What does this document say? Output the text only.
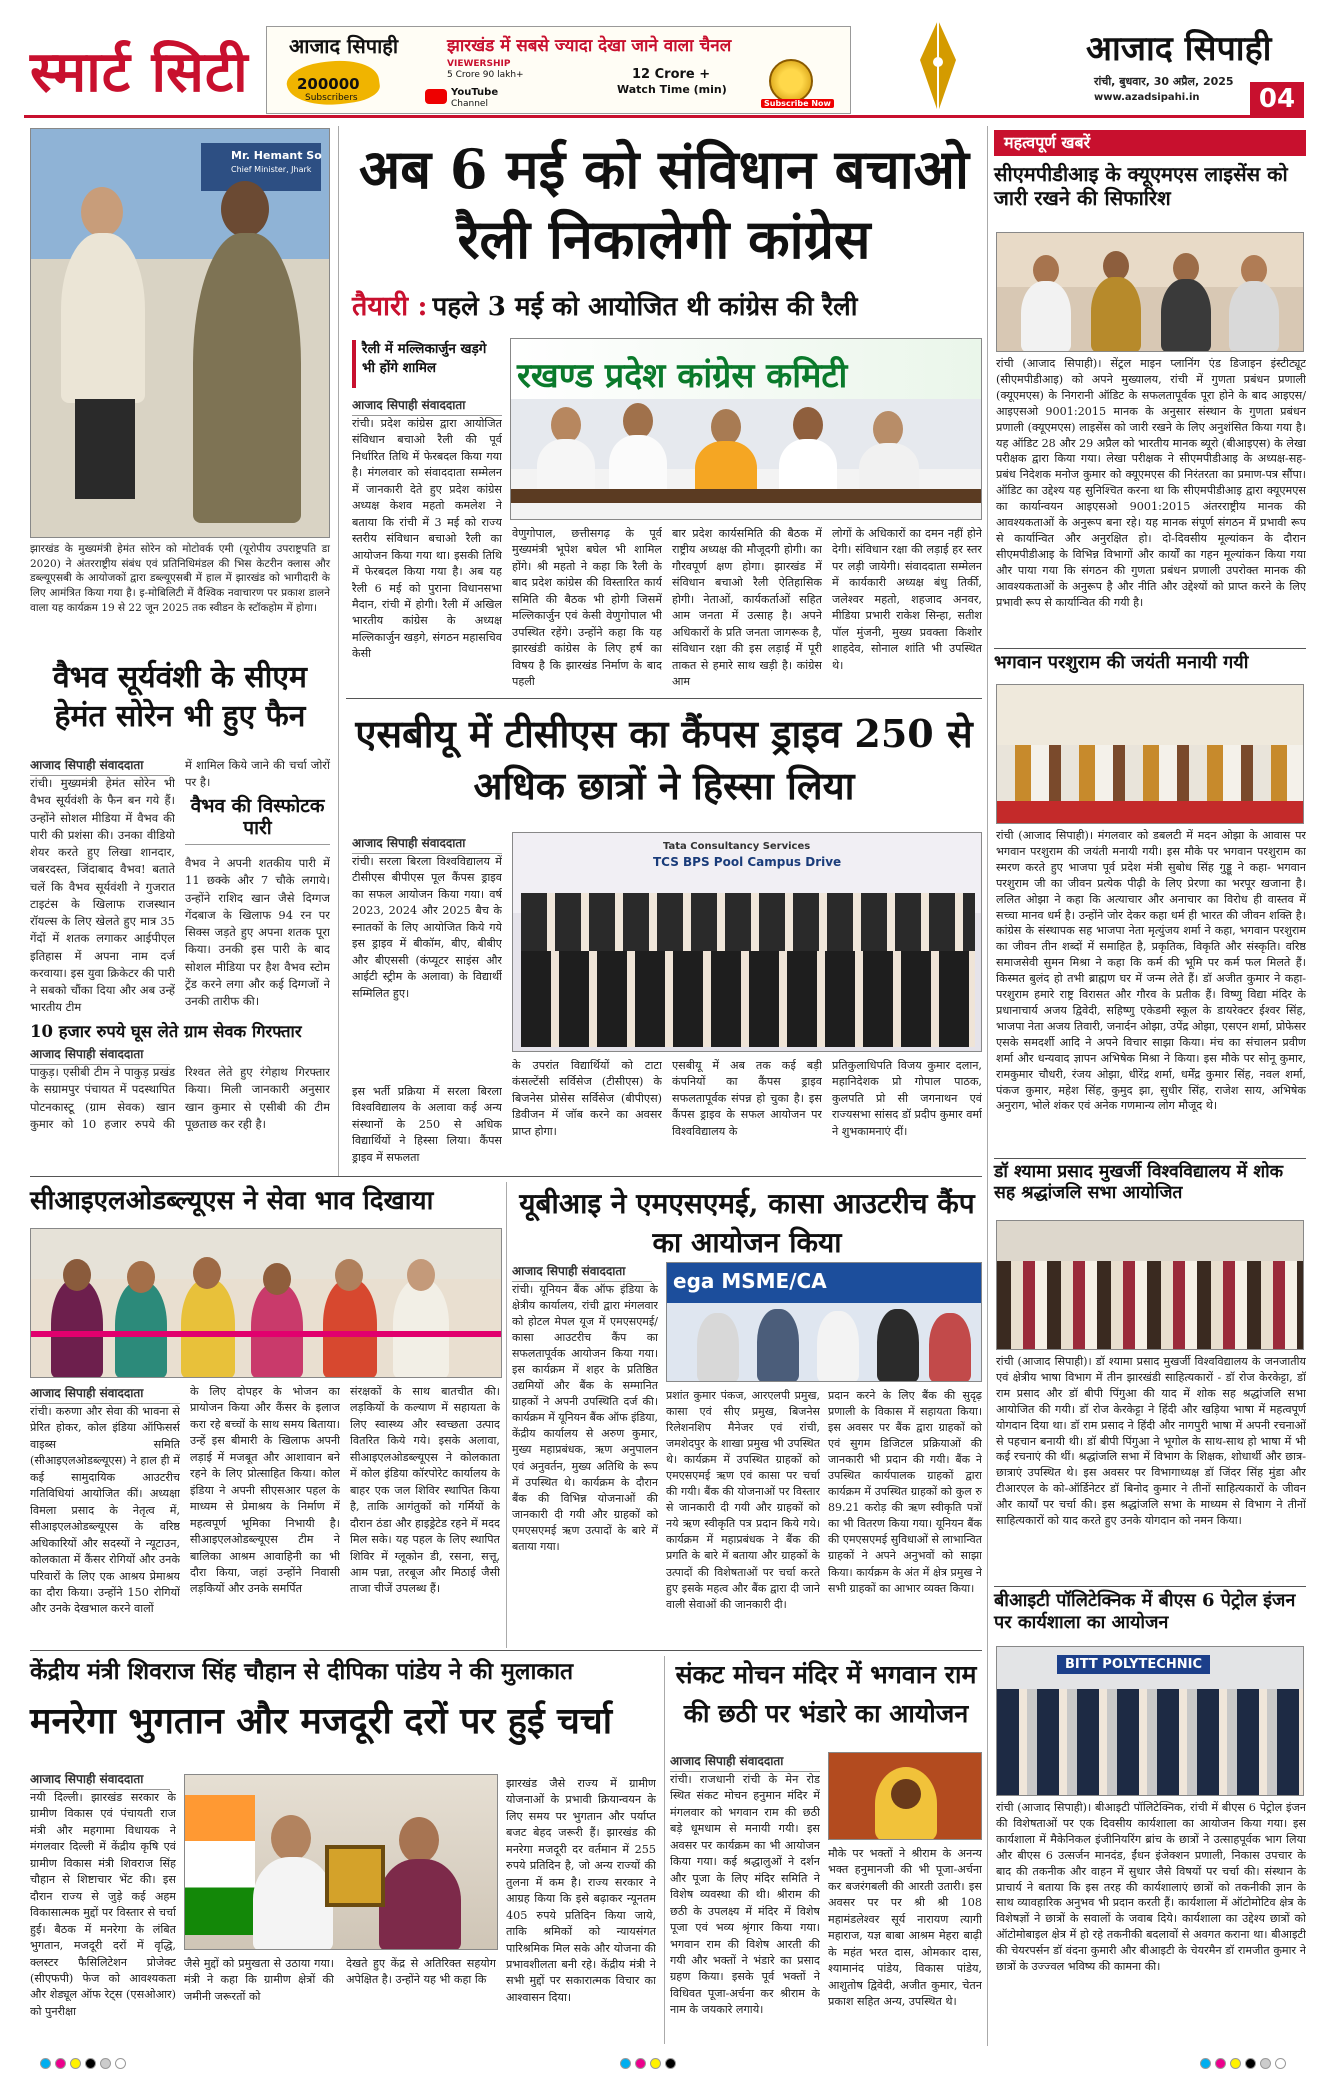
स्मार्ट सिटी आजाद सिपाही	झारखंड में सबसे ज्यादा देखा जाने वाला चैनल
200000
Subscribers	YouTube
Channel
VIEWERSHIP
5 Crore 90 lakh+	12 Crore +
Watch Time (min)
Subscribe Now
आजाद सिपाही
रांची, बुधवार, 30 अप्रैल, 2025
www.azadsipahi.in	04
Mr. Hemant So
Chief Minister, Jhark
झारखंड के मुख्यमंत्री हेमंत सोरेन को मोटोवर्क एमी (यूरोपीय उपराष्ट्रपति डा 2020) ने अंतरराष्ट्रीय संबंध एवं प्रतिनिधिमंडल की भिस केटरीन क्लास और डब्ल्यूएसबी के आयोजकों द्वारा डब्ल्यूएसबी में हाल में झारखंड को भागीदारी के लिए आमंत्रित किया गया है। इ-मोबिलिटी में वैश्विक नवाचारण पर प्रकाश डालने वाला यह कार्यक्रम 19 से 22 जून 2025 तक स्वीडन के स्टॉकहोम में होगा।
वैभव सूर्यवंशी के सीएम हेमंत सोरेन भी हुए फैन
आजाद सिपाही संवाददाता
रांची। मुख्यमंत्री हेमंत सोरेन भी वैभव सूर्यवंशी के फैन बन गये हैं। उन्होंने सोशल मीडिया में वैभव की पारी की प्रशंसा की। उनका वीडियो शेयर करते हुए लिखा शानदार, जबरदस्त, जिंदाबाद वैभव! बताते चलें कि वैभव सूर्यवंशी ने गुजरात टाइटंस के खिलाफ राजस्थान रॉयल्स के लिए खेलते हुए मात्र 35 गेंदों में शतक लगाकर आईपीएल इतिहास में अपना नाम दर्ज करवाया। इस युवा क्रिकेटर की पारी ने सबको चौंका दिया और अब उन्हें भारतीय टीम
में शामिल किये जाने की चर्चा जोरों पर है।
वैभव की विस्फोटक पारी
वैभव ने अपनी शतकीय पारी में 11 छक्के और 7 चौके लगाये। उन्होंने राशिद खान जैसे दिग्गज गेंदबाज के खिलाफ 94 रन पर सिक्स जड़ते हुए अपना शतक पूरा किया। उनकी इस पारी के बाद सोशल मीडिया पर हैश वैभव स्टोम ट्रेंड करने लगा और कई दिग्गजों ने उनकी तारीफ की।
10 हजार रुपये घूस लेते ग्राम सेवक गिरफ्तार
आजाद सिपाही संवाददाता
पाकुड़। एसीबी टीम ने पाकुड़ प्रखंड के सग्रामपुर पंचायत में पदस्थापित पोटनकास्टू (ग्राम सेवक) खान कुमार को 10 हजार रुपये की रिश्वत लेते हुए रंगेहाथ गिरफ्तार किया। मिली जानकारी अनुसार खान कुमार से एसीबी की टीम पूछताछ कर रही है।
अब 6 मई को संविधान बचाओ रैली निकालेगी कांग्रेस
तैयारी : पहले 3 मई को आयोजित थी कांग्रेस की रैली
रैली में मल्लिकार्जुन खड़गे भी होंगे शामिल	रखण्ड प्रदेश कांग्रेस कमिटी
आजाद सिपाही संवाददाता
रांची। प्रदेश कांग्रेस द्वारा आयोजित संविधान बचाओ रैली की पूर्व निर्धारित तिथि में फेरबदल किया गया है। मंगलवार को संवाददाता सम्मेलन में जानकारी देते हुए प्रदेश कांग्रेस अध्यक्ष केशव महतो कमलेश ने बताया कि रांची में 3 मई को राज्य स्तरीय संविधान बचाओ रैली का आयोजन किया गया था। इसकी तिथि में फेरबदल किया गया है। अब यह रैली 6 मई को पुराना विधानसभा मैदान, रांची में होगी। रैली में अखिल भारतीय कांग्रेस के अध्यक्ष मल्लिकार्जुन खड़गे, संगठन महासचिव केसी
वेणुगोपाल, छत्तीसगढ़ के पूर्व मुख्यमंत्री भूपेश बघेल भी शामिल होंगे। श्री महतो ने कहा कि रैली के बाद प्रदेश कांग्रेस की विस्तारित कार्य समिति की बैठक भी होगी जिसमें मल्लिकार्जुन एवं केसी वेणुगोपाल भी उपस्थित रहेंगे। उन्होंने कहा कि यह झारखंडी कांग्रेस के लिए हर्ष का विषय है कि झारखंड निर्माण के बाद पहली
बार प्रदेश कार्यसमिति की बैठक में राष्ट्रीय अध्यक्ष की मौजूदगी होगी। का गौरवपूर्ण क्षण होगा। झारखंड में संविधान बचाओ रैली ऐतिहासिक होगी। नेताओं, कार्यकर्ताओं सहित आम जनता में उत्साह है। अपने अधिकारों के प्रति जनता जागरूक है, संविधान रक्षा की इस लड़ाई में पूरी ताकत से हमारे साथ खड़ी है। कांग्रेस आम
लोगों के अधिकारों का दमन नहीं होने देगी। संविधान रक्षा की लड़ाई हर स्तर पर लड़ी जायेगी। संवाददाता सम्मेलन में कार्यकारी अध्यक्ष बंधु तिर्की, जलेश्वर महतो, शहजाद अनवर, मीडिया प्रभारी राकेश सिन्हा, सतीश पॉल मुंजनी, मुख्य प्रवक्ता किशोर शाहदेव, सोनाल शांति भी उपस्थित थे।
एसबीयू में टीसीएस का कैंपस ड्राइव 250 से अधिक छात्रों ने हिस्सा लिया
आजाद सिपाही संवाददाता
रांची। सरला बिरला विश्वविद्यालय में टीसीएस बीपीएस पूल कैंपस ड्राइव का सफल आयोजन किया गया। वर्ष 2023, 2024 और 2025 बैच के स्नातकों के लिए आयोजित किये गये इस ड्राइव में बीकॉम, बीए, बीबीए और बीएससी (कंप्यूटर साइंस और आईटी स्ट्रीम के अलावा) के विद्यार्थी सम्मिलित हुए।
Tata Consultancy Services
TCS BPS Pool Campus Drive
इस भर्ती प्रक्रिया में सरला बिरला विश्वविद्यालय के अलावा कई अन्य संस्थानों के 250 से अधिक विद्यार्थियों ने हिस्सा लिया। कैंपस ड्राइव में सफलता
के उपरांत विद्यार्थियों को टाटा कंसल्टेंसी सर्विसेज (टीसीएस) के बिजनेस प्रोसेस सर्विसेज (बीपीएस) डिवीजन में जॉब करने का अवसर प्राप्त होगा।
एसबीयू में अब तक कई बड़ी कंपनियों का कैंपस ड्राइव सफलतापूर्वक संपन्न हो चुका है। इस कैंपस ड्राइव के सफल आयोजन पर विश्वविद्यालय के
प्रतिकुलाधिपति विजय कुमार दलान, महानिदेशक प्रो गोपाल पाठक, कुलपति प्रो सी जगनाथन एवं राज्यसभा सांसद डॉ प्रदीप कुमार वर्मा ने शुभकामनाएं दीं।
सीआइएलओडब्ल्यूएस ने सेवा भाव दिखाया
आजाद सिपाही संवाददाता
रांची। करुणा और सेवा की भावना से प्रेरित होकर, कोल इंडिया ऑफिसर्स वाइब्स समिति (सीआइएलओडब्ल्यूएस) ने हाल ही में कई सामुदायिक आउटरीच गतिविधियां आयोजित कीं। अध्यक्षा विमला प्रसाद के नेतृत्व में, सीआइएलओडब्ल्यूएस के वरिष्ठ अधिकारियों और सदस्यों ने न्यूटाउन, कोलकाता में कैंसर रोगियों और उनके परिवारों के लिए एक आश्रय प्रेमाश्रय का दौरा किया। उन्होंने 150 रोगियों और उनके देखभाल करने वालों
के लिए दोपहर के भोजन का प्रायोजन किया और कैंसर के इलाज करा रहे बच्चों के साथ समय बिताया। उन्हें इस बीमारी के खिलाफ अपनी लड़ाई में मजबूत और आशावान बने रहने के लिए प्रोत्साहित किया। कोल इंडिया ने अपनी सीएसआर पहल के माध्यम से प्रेमाश्रय के निर्माण में महत्वपूर्ण भूमिका निभायी है। सीआइएलओडब्ल्यूएस टीम ने बालिका आश्रम आवाहिनी का भी दौरा किया, जहां उन्होंने निवासी लड़कियों और उनके समर्पित
संरक्षकों के साथ बातचीत की। लड़कियों के कल्याण में सहायता के लिए स्वास्थ्य और स्वच्छता उत्पाद वितरित किये गये। इसके अलावा, सीआइएलओडब्ल्यूएस ने कोलकाता में कोल इंडिया कॉरपोरेट कार्यालय के बाहर एक जल शिविर स्थापित किया है, ताकि आगंतुकों को गर्मियों के दौरान ठंडा और हाइड्रेटेड रहने में मदद मिल सके। यह पहल के लिए स्थापित शिविर में ग्लूकोन डी, रसना, सत्तू, आम पन्ना, तरबूज और मिठाई जैसी ताजा चीजें उपलब्ध हैं।
यूबीआइ ने एमएसएमई, कासा आउटरीच कैंप का आयोजन किया
आजाद सिपाही संवाददाता
रांची। यूनियन बैंक ऑफ इंडिया के क्षेत्रीय कार्यालय, रांची द्वारा मंगलवार को होटल मेपल यूज में एमएसएमई/कासा आउटरीच कैंप का सफलतापूर्वक आयोजन किया गया। इस कार्यक्रम में शहर के प्रतिष्ठित उद्यमियों और बैंक के सम्मानित ग्राहकों ने अपनी उपस्थिति दर्ज की। कार्यक्रम में यूनियन बैंक ऑफ इंडिया, केंद्रीय कार्यालय से अरुण कुमार, मुख्य महाप्रबंधक, ऋण अनुपालन एवं अनुवर्तन, मुख्य अतिथि के रूप में उपस्थित थे। कार्यक्रम के दौरान बैंक की विभिन्न योजनाओं की जानकारी दी गयी और ग्राहकों को एमएसएमई ऋण उत्पादों के बारे में बताया गया।
ega MSME/CA
प्रशांत कुमार पंकज, आरएलपी प्रमुख, कासा एवं सीए प्रमुख, बिजनेस रिलेशनशिप मैनेजर एवं रांची, जमशेदपुर के शाखा प्रमुख भी उपस्थित थे। कार्यक्रम में उपस्थित ग्राहकों को एमएसएमई ऋण एवं कासा पर चर्चा की गयी। बैंक की योजनाओं पर विस्तार से जानकारी दी गयी और ग्राहकों को नये ऋण स्वीकृति पत्र प्रदान किये गये। कार्यक्रम में महाप्रबंधक ने बैंक की प्रगति के बारे में बताया और ग्राहकों के उत्पादों की विशेषताओं पर चर्चा करते हुए इसके महत्व और बैंक द्वारा दी जाने वाली सेवाओं की जानकारी दी।
प्रदान करने के लिए बैंक की सुदृढ़ प्रणाली के विकास में सहायता किया। इस अवसर पर बैंक द्वारा ग्राहकों को एवं सुगम डिजिटल प्रक्रियाओं की जानकारी भी प्रदान की गयी। बैंक ने उपस्थित कार्यपालक ग्राहकों द्वारा कार्यक्रम में उपस्थित ग्राहकों को कुल रु 89.21 करोड़ की ऋण स्वीकृति पत्रों का भी वितरण किया गया। यूनियन बैंक की एमएसएमई सुविधाओं से लाभान्वित ग्राहकों ने अपने अनुभवों को साझा किया। कार्यक्रम के अंत में क्षेत्र प्रमुख ने सभी ग्राहकों का आभार व्यक्त किया।
केंद्रीय मंत्री शिवराज सिंह चौहान से दीपिका पांडेय ने की मुलाकात
मनरेगा भुगतान और मजदूरी दरों पर हुई चर्चा
आजाद सिपाही संवाददाता
नयी दिल्ली। झारखंड सरकार के ग्रामीण विकास एवं पंचायती राज मंत्री और महगामा विधायक ने मंगलवार दिल्ली में केंद्रीय कृषि एवं ग्रामीण विकास मंत्री शिवराज सिंह चौहान से शिष्टाचार भेंट की। इस दौरान राज्य से जुड़े कई अहम विकासात्मक मुद्दों पर विस्तार से चर्चा हुई। बैठक में मनरेगा के लंबित भुगतान, मजदूरी दरों में वृद्धि, क्लस्टर फैसिलिटेशन प्रोजेक्ट (सीएफपी) फेज को आवश्यकता और शेड्यूल ऑफ रेट्स (एसओआर) को पुनरीक्षा
जैसे मुद्दों को प्रमुखता से उठाया गया। मंत्री ने कहा कि ग्रामीण क्षेत्रों की जमीनी जरूरतों को
देखते हुए केंद्र से अतिरिक्त सहयोग अपेक्षित है। उन्होंने यह भी कहा कि
झारखंड जैसे राज्य में ग्रामीण योजनाओं के प्रभावी क्रियान्वयन के लिए समय पर भुगतान और पर्याप्त बजट बेहद जरूरी हैं। झारखंड की मनरेगा मजदूरी दर वर्तमान में 255 रुपये प्रतिदिन है, जो अन्य राज्यों की तुलना में कम है। राज्य सरकार ने आग्रह किया कि इसे बढ़ाकर न्यूनतम 405 रुपये प्रतिदिन किया जाये, ताकि श्रमिकों को न्यायसंगत पारिश्रमिक मिल सके और योजना की प्रभावशीलता बनी रहे। केंद्रीय मंत्री ने सभी मुद्दों पर सकारात्मक विचार का आश्वासन दिया।
संकट मोचन मंदिर में भगवान राम की छठी पर भंडारे का आयोजन
आजाद सिपाही संवाददाता
रांची। राजधानी रांची के मेन रोड स्थित संकट मोचन हनुमान मंदिर में मंगलवार को भगवान राम की छठी बड़े धूमधाम से मनायी गयी। इस अवसर पर कार्यक्रम का भी आयोजन किया गया। कई श्रद्धालुओं ने दर्शन और पूजा के लिए मंदिर समिति ने विशेष व्यवस्था की थी। श्रीराम की छठी के उपलक्ष्य में मंदिर में विशेष पूजा एवं भव्य श्रृंगार किया गया। भगवान राम की विशेष आरती की गयी और भक्तों ने भंडारे का प्रसाद ग्रहण किया। इसके पूर्व भक्तों ने विधिवत पूजा-अर्चना कर श्रीराम के नाम के जयकारे लगाये।
मौके पर भक्तों ने श्रीराम के अनन्य भक्त हनुमानजी की भी पूजा-अर्चना कर बजरंगबली की आरती उतारी। इस अवसर पर पर श्री श्री 108 महामंडलेश्वर सूर्य नारायण त्यागी महाराज, यज्ञ बाबा आश्रम मेहरा बाढ़ी के महंत भरत दास, ओमकार दास, श्यामानंद पांडेय, विकास पांडेय, आशुतोष द्विवेदी, अजीत कुमार, चेतन प्रकाश सहित अन्य, उपस्थित थे।
महत्वपूर्ण खबरें
सीएमपीडीआइ के क्यूएमएस लाइसेंस को जारी रखने की सिफारिश
रांची (आजाद सिपाही)। सेंट्रल माइन प्लानिंग एंड डिजाइन इंस्टीट्यूट (सीएमपीडीआइ) को अपने मुख्यालय, रांची में गुणता प्रबंधन प्रणाली (क्यूएमएस) के निगरानी ऑडिट के सफलतापूर्वक पूरा होने के बाद आइएस/आइएसओ 9001:2015 मानक के अनुसार संस्थान के गुणता प्रबंधन प्रणाली (क्यूएमएस) लाइसेंस को जारी रखने के लिए अनुशंसित किया गया है। यह ऑडिट 28 और 29 अप्रैल को भारतीय मानक ब्यूरो (बीआइएस) के लेखा परीक्षक द्वारा किया गया। लेखा परीक्षक ने सीएमपीडीआइ के अध्यक्ष-सह-प्रबंध निदेशक मनोज कुमार को क्यूएमएस की निरंतरता का प्रमाण-पत्र सौंपा। ऑडिट का उद्देश्य यह सुनिश्चित करना था कि सीएमपीडीआइ द्वारा क्यूएमएस का कार्यान्वयन आइएसओ 9001:2015 अंतरराष्ट्रीय मानक की आवश्यकताओं के अनुरूप बना रहे। यह मानक संपूर्ण संगठन में प्रभावी रूप से कार्यान्वित और अनुरक्षित हो। दो-दिवसीय मूल्यांकन के दौरान सीएमपीडीआइ के विभिन्न विभागों और कार्यों का गहन मूल्यांकन किया गया और पाया गया कि संगठन की गुणता प्रबंधन प्रणाली उपरोक्त मानक की आवश्यकताओं के अनुरूप है और नीति और उद्देश्यों को प्राप्त करने के लिए प्रभावी रूप से कार्यान्वित की गयी है।
भगवान परशुराम की जयंती मनायी गयी
रांची (आजाद सिपाही)। मंगलवार को डबलटी में मदन ओझा के आवास पर भगवान परशुराम की जयंती मनायी गयी। इस मौके पर भगवान परशुराम का स्मरण करते हुए भाजपा पूर्व प्रदेश मंत्री सुबोध सिंह गुड्डू ने कहा- भगवान परशुराम जी का जीवन प्रत्येक पीढ़ी के लिए प्रेरणा का भरपूर खजाना है। ललित ओझा ने कहा कि अत्याचार और अनाचार का विरोध ही वास्तव में सच्चा मानव धर्म है। उन्होंने जोर देकर कहा धर्म ही भारत की जीवन शक्ति है। कांग्रेस के संस्थापक सह भाजपा नेता मृत्युंजय शर्मा ने कहा, भगवान परशुराम का जीवन तीन शब्दों में समाहित है, प्रकृतिक, विकृति और संस्कृति। वरिष्ठ समाजसेवी सुमन मिश्रा ने कहा कि कर्म की भूमि पर कर्म फल मिलते हैं। किस्मत बुलंद हो तभी ब्राह्मण घर में जन्म लेते हैं। डॉ अजीत कुमार ने कहा- परशुराम हमारे राष्ट्र विरासत और गौरव के प्रतीक हैं। विष्णु विद्या मंदिर के प्रधानाचार्य अजय द्विवेदी, सहिष्णु एकेडमी स्कूल के डायरेक्टर ईश्वर सिंह, भाजपा नेता अजय तिवारी, जनार्दन ओझा, उपेंद्र ओझा, एसएन शर्मा, प्रोफेसर एसके समदर्शी आदि ने अपने विचार साझा किया। मंच का संचालन प्रवीण शर्मा और धन्यवाद ज्ञापन अभिषेक मिश्रा ने किया। इस मौके पर सोनू कुमार, रामकुमार चौधरी, रंजय ओझा, धीरेंद्र शर्मा, धर्मेंद्र कुमार सिंह, नवल शर्मा, पंकज कुमार, महेश सिंह, कुमुद झा, सुधीर सिंह, राजेश साय, अभिषेक अनुराग, भोले शंकर एवं अनेक गणमान्य लोग मौजूद थे।
डॉ श्यामा प्रसाद मुखर्जी विश्वविद्यालय में शोक सह श्रद्धांजलि सभा आयोजित
रांची (आजाद सिपाही)। डॉ श्यामा प्रसाद मुखर्जी विश्वविद्यालय के जनजातीय एवं क्षेत्रीय भाषा विभाग में तीन झारखंडी साहित्यकारों - डॉ रोज केरकेट्टा, डॉ राम प्रसाद और डॉ बीपी पिंगुआ की याद में शोक सह श्रद्धांजलि सभा आयोजित की गयी। डॉ रोज केरकेट्टा ने हिंदी और खड़िया भाषा में महत्वपूर्ण योगदान दिया था। डॉ राम प्रसाद ने हिंदी और नागपुरी भाषा में अपनी रचनाओं से पहचान बनायी थी। डॉ बीपी पिंगुआ ने भूगोल के साथ-साथ हो भाषा में भी कई रचनाएं की थीं। श्रद्धांजलि सभा में विभाग के शिक्षक, शोधार्थी और छात्र-छात्राएं उपस्थित थे। इस अवसर पर विभागाध्यक्ष डॉ जिंदर सिंह मुंडा और टीआरएल के को-ऑर्डिनेटर डॉ बिनोद कुमार ने तीनों साहित्यकारों के जीवन और कार्यों पर चर्चा की। इस श्रद्धांजलि सभा के माध्यम से विभाग ने तीनों साहित्यकारों को याद करते हुए उनके योगदान को नमन किया।
बीआइटी पॉलिटेक्निक में बीएस 6 पेट्रोल इंजन पर कार्यशाला का आयोजन
BITT POLYTECHNIC
रांची (आजाद सिपाही)। बीआइटी पॉलिटेक्निक, रांची में बीएस 6 पेट्रोल इंजन की विशेषताओं पर एक दिवसीय कार्यशाला का आयोजन किया गया। इस कार्यशाला में मैकेनिकल इंजीनियरिंग ब्रांच के छात्रों ने उत्साहपूर्वक भाग लिया और बीएस 6 उत्सर्जन मानदंड, ईंधन इंजेक्शन प्रणाली, निकास उपचार के बाद की तकनीक और वाहन में सुधार जैसे विषयों पर चर्चा की। संस्थान के प्राचार्य ने बताया कि इस तरह की कार्यशालाएं छात्रों को तकनीकी ज्ञान के साथ व्यावहारिक अनुभव भी प्रदान करती हैं। कार्यशाला में ऑटोमोटिव क्षेत्र के विशेषज्ञों ने छात्रों के सवालों के जवाब दिये। कार्यशाला का उद्देश्य छात्रों को ऑटोमोबाइल क्षेत्र में हो रहे तकनीकी बदलावों से अवगत कराना था। बीआइटी की चेयरपर्सन डॉ वंदना कुमारी और बीआइटी के चेयरमैन डॉ रामजीत कुमार ने छात्रों के उज्ज्वल भविष्य की कामना की।
